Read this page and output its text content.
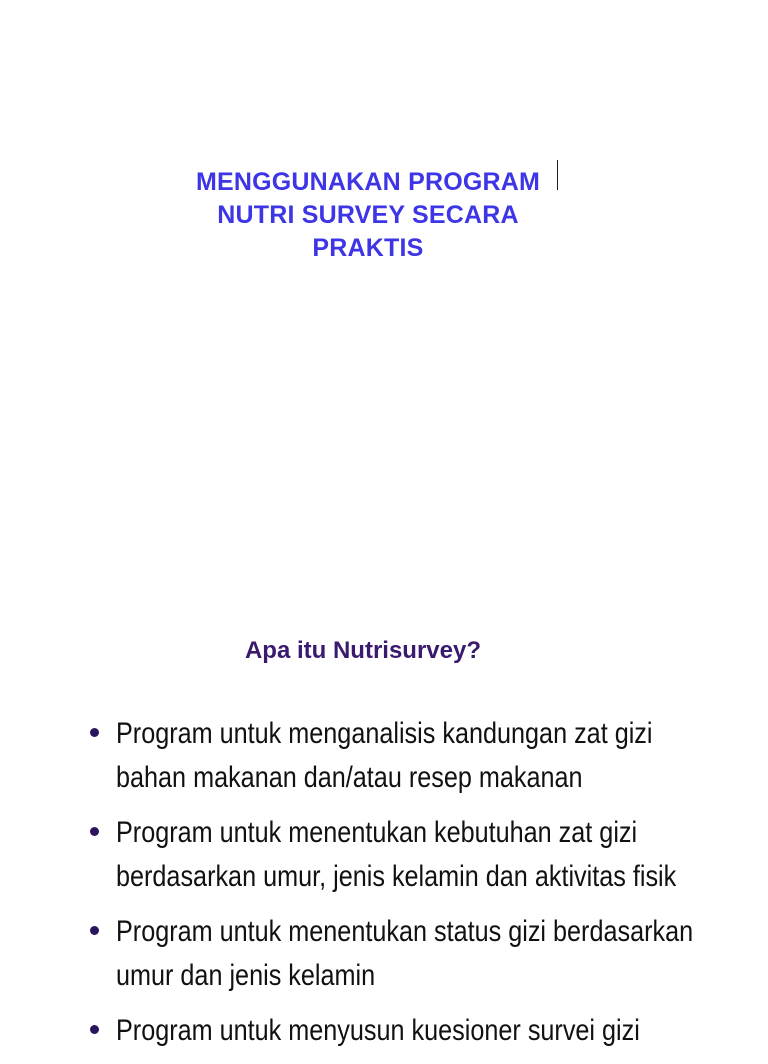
MENGGUNAKAN PROGRAM
NUTRI SURVEY SECARA
PRAKTIS
Apa itu Nutrisurvey?
Program untuk menganalisis kandungan zat gizi
bahan makanan dan/atau resep makanan
Program untuk menentukan kebutuhan zat gizi
berdasarkan umur, jenis kelamin dan aktivitas fisik
Program untuk menentukan status gizi berdasarkan
umur dan jenis kelamin
Program untuk menyusun kuesioner survei gizi
